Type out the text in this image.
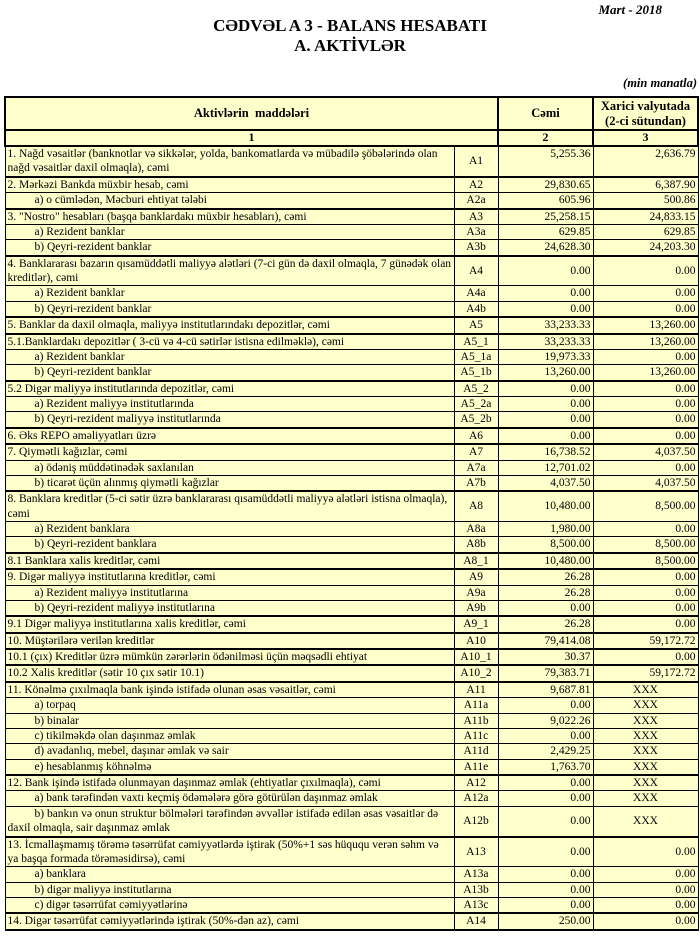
Mart - 2018
CƏDVƏL A 3 - BALANS HESABATI
A. AKTİVLƏR
(min manatla)
Aktivlərin  maddələri		Cəmi	Xarici valyutada (2-ci sütundan)
1		2	3
1. Nağd vəsaitlər (banknotlar və sikkələr, yolda, bankomatlarda və mübadilə şöbələrində olan nağd vəsaitlər daxil olmaqla), cəmi	A1	5,255.36	2,636.79
2. Mərkəzi Bankda müxbir hesab, cəmi	A2	29,830.65	6,387.90
a) o cümlədən, Məcburi ehtiyat tələbi	A2a	605.96	500.86
3. "Nostro" hesabları (başqa banklardakı müxbir hesabları), cəmi	A3	25,258.15	24,833.15
a) Rezident banklar	A3a	629.85	629.85
b) Qeyri-rezident banklar	A3b	24,628.30	24,203.30
4. Banklararası bazarın qısamüddətli maliyyə alətləri (7-ci gün də daxil olmaqla, 7 günədək olan kreditlər), cəmi	A4	0.00	0.00
a) Rezident banklar	A4a	0.00	0.00
b) Qeyri-rezident banklar	A4b	0.00	0.00
5. Banklar da daxil olmaqla, maliyyə institutlarındakı depozitlər, cəmi	A5	33,233.33	13,260.00
5.1.Banklardakı depozitlər ( 3-cü və 4-cü sətirlər istisna edilməklə), cəmi	A5_1	33,233.33	13,260.00
a) Rezident banklar	A5_1a	19,973.33	0.00
b) Qeyri-rezident banklar	A5_1b	13,260.00	13,260.00
5.2 Digər maliyyə institutlarında depozitlər, cəmi	A5_2	0.00	0.00
a) Rezident maliyyə institutlarında	A5_2a	0.00	0.00
b) Qeyri-rezident maliyyə institutlarında	A5_2b	0.00	0.00
6. Əks REPO əməliyyatları üzrə	A6	0.00	0.00
7. Qiymətli kağızlar, cəmi	A7	16,738.52	4,037.50
a) ödəniş müddətinədək saxlanılan	A7a	12,701.02	0.00
b) ticarət üçün alınmış qiymətli kağızlar	A7b	4,037.50	4,037.50
8. Banklara kreditlər (5-ci sətir üzrə banklararası qısamüddətli maliyyə alətləri istisna olmaqla), cəmi	A8	10,480.00	8,500.00
a) Rezident banklara	A8a	1,980.00	0.00
b) Qeyri-rezident banklara	A8b	8,500.00	8,500.00
8.1 Banklara xalis kreditlər, cəmi	A8_1	10,480.00	8,500.00
9. Digər maliyyə institutlarına kreditlər, cəmi	A9	26.28	0.00
a) Rezident maliyyə institutlarına	A9a	26.28	0.00
b) Qeyri-rezident maliyyə institutlarına	A9b	0.00	0.00
9.1 Digər maliyyə institutlarına xalis kreditlər, cəmi	A9_1	26.28	0.00
10. Müştərilərə verilən kreditlər	A10	79,414.08	59,172.72
10.1 (çıx) Kreditlər üzrə mümkün zərərlərin ödənilməsi üçün məqsədli ehtiyat	A10_1	30.37	0.00
10.2 Xalis kreditlər (sətir 10 çıx sətir 10.1)	A10_2	79,383.71	59,172.72
11. Könəlmə çıxılmaqla bank işində istifadə olunan əsas vəsaitlər, cəmi	A11	9,687.81	XXX
a) torpaq	A11a	0.00	XXX
b) binalar	A11b	9,022.26	XXX
c) tikilməkdə olan daşınmaz əmlak	A11c	0.00	XXX
d) avadanlıq, mebel, daşınar əmlak və sair	A11d	2,429.25	XXX
e) hesablanmış köhnəlmə	A11e	1,763.70	XXX
12. Bank işində istifadə olunmayan daşınmaz əmlak (ehtiyatlar çıxılmaqla), cəmi	A12	0.00	XXX
a) bank tərəfindən vaxtı keçmiş ödəmələrə görə götürülən daşınmaz əmlak	A12a	0.00	XXX
b) bankın və onun struktur bölmələri tərəfindən əvvəllər istifadə edilən əsas vəsaitlər də daxil olmaqla, sair daşınmaz əmlak	A12b	0.00	XXX
13. İcmallaşmamış törəmə təsərrüfat cəmiyyətlərdə iştirak (50%+1 səs hüququ verən səhm və ya başqa formada törəməsidirsə), cəmi	A13	0.00	0.00
a) banklara	A13a	0.00	0.00
b) digər maliyyə institutlarına	A13b	0.00	0.00
c) digər təsərrüfat cəmiyyətlərinə	A13c	0.00	0.00
14. Digər təsərrüfat cəmiyyətlərində iştirak (50%-dən az), cəmi	A14	250.00	0.00
